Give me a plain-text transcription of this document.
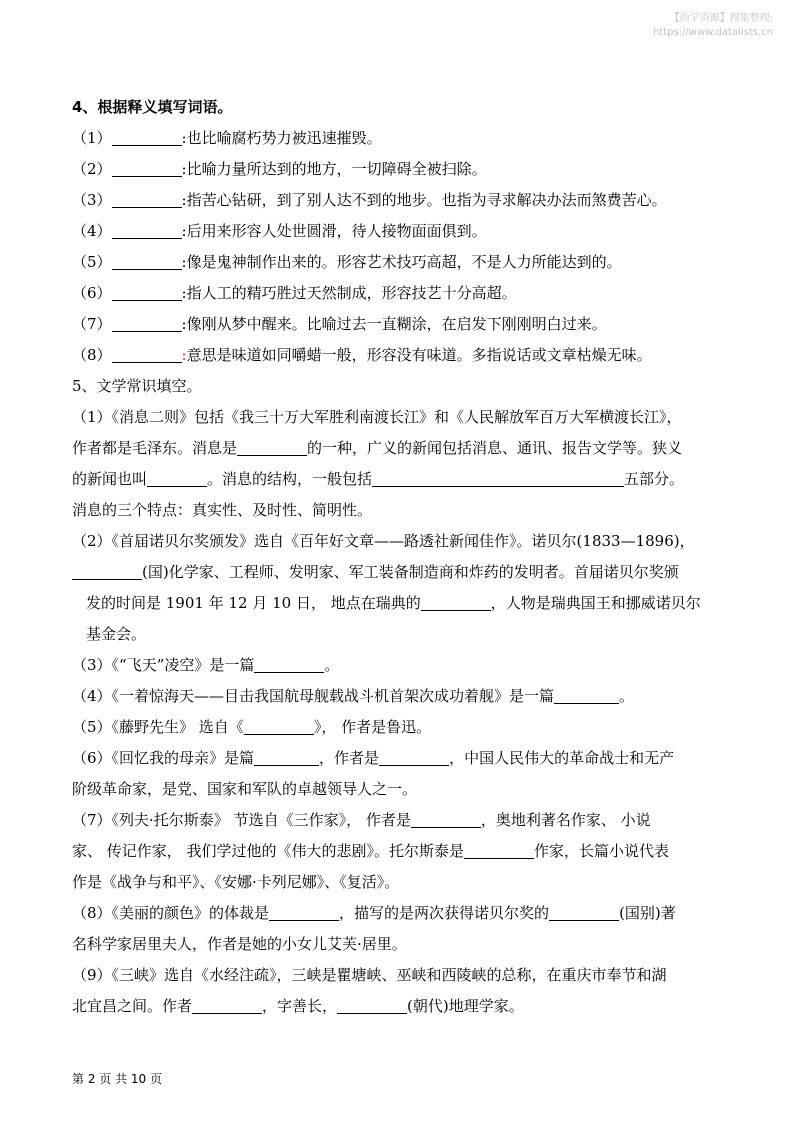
【尚学资源】搜集整理:
https://www.datalists.cn
4、根据释义填写词语。
（1）	:也比喻腐朽势力被迅速摧毁。
（2）	:比喻力量所达到的地方，一切障碍全被扫除。
（3）	:指苦心钻研，到了别人达不到的地步。也指为寻求解决办法而煞费苦心。
（4）	:后用来形容人处世圆滑，待人接物面面俱到。
（5）	:像是鬼神制作出来的。形容艺术技巧高超，不是人力所能达到的。
（6）	:指人工的精巧胜过天然制成，形容技艺十分高超。
（7）	:像刚从梦中醒来。比喻过去一直糊涂，在启发下刚刚明白过来。
（8）	:意思是味道如同嚼蜡一般，形容没有味道。多指说话或文章枯燥无味。
5、文学常识填空。
（1）《消息二则》包括《我三十万大军胜利南渡长江》和《人民解放军百万大军横渡长江》，
作者都是毛泽东。消息是	的一种，广义的新闻包括消息、通讯、报告文学等。狭义
的新闻也叫	。消息的结构，一般包括	五部分。
消息的三个特点：真实性、及时性、简明性。
（2）《首届诺贝尔奖颁发》选自《百年好文章——路透社新闻佳作》。诺贝尔(1833—1896)，
(国)化学家、工程师、发明家、军工装备制造商和炸药的发明者。首届诺贝尔奖颁
发的时间是 1901 年 12 月 10 日， 地点在瑞典的	，人物是瑞典国王和挪威诺贝尔
基金会。
（3）《“飞天”凌空》是一篇	。
（4）《一着惊海天——目击我国航母舰载战斗机首架次成功着舰》是一篇	。
（5）《藤野先生》 选自《	》， 作者是鲁迅。
（6）《回忆我的母亲》是篇	，作者是	，中国人民伟大的革命战士和无产
阶级革命家，是党、国家和军队的卓越领导人之一。
（7）《列夫·托尔斯泰》 节选自《三作家》， 作者是	，奥地利著名作家、 小说
家、 传记作家， 我们学过他的《伟大的悲剧》。托尔斯泰是	作家，长篇小说代表
作是《战争与和平》、《安娜·卡列尼娜》、《复活》。
（8）《美丽的颜色》的体裁是	，描写的是两次获得诺贝尔奖的	(国别)著
名科学家居里夫人，作者是她的小女儿艾芙·居里。
（9）《三峡》选自《水经注疏》，三峡是瞿塘峡、巫峡和西陵峡的总称，在重庆市奉节和湖
北宜昌之间。作者	，字善长，	(朝代)地理学家。
第 2 页 共 10 页
